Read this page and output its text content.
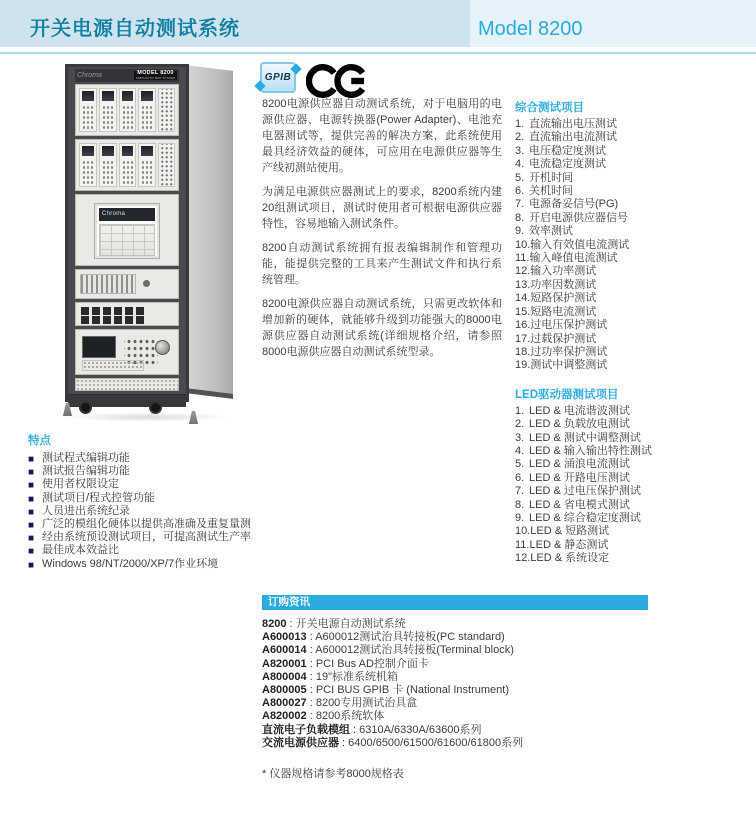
开关电源自动测试系统	Model 8200
Chroma	MODEL 8200
SMPS AUTO TEST SYSTEM
Chroma
GPIB

8200电源供应器自动测试系统，对于电脑用的电源供应器、电源转换器(Power Adapter)、电池充电器测试等，提供完善的解决方案，此系统使用最具经济效益的硬体，可应用在电源供应器等生产线初测站使用。

为满足电源供应器测试上的要求，8200系统内建20组测试项目，测试时使用者可根据电源供应器特性，容易地输入测试条件。

8200自动测试系统拥有报表编辑制作和管理功能，能提供完整的工具来产生测试文件和执行系统管理。

8200电源供应器自动测试系统，只需更改软体和增加新的硬体，就能够升级到功能强大的8000电源供应器自动测试系统(详细规格介绍，请参照8000电源供应器自动测试系统型录。

综合测试项目
1. 直流输出电压测试
2. 直流输出电流测试
3. 电压稳定度测试
4. 电流稳定度测试
5. 开机时间
6. 关机时间
7. 电源备妥信号(PG)
8. 开启电源供应器信号
9. 效率测试
10.输入有效值电流测试
11.输入峰值电流测试
12.输入功率测试
13.功率因数测试
14.短路保护测试
15.短路电流测试
16.过电压保护测试
17.过载保护测试
18.过功率保护测试
19.测试中调整测试
LED驱动器测试项目
1. LED & 电流谐波测试
2. LED & 负载放电测试
3. LED & 测试中调整测试
4. LED & 输入输出特性测试
5. LED & 涌浪电流测试
6. LED & 开路电压测试
7. LED & 过电压保护测试
8. LED & 省电模式测试
9. LED & 综合稳定度测试
10.LED & 短路测试
11.LED & 静态测试
12.LED & 系统设定
特点
■ 测试程式编辑功能
■ 测试报告编辑功能
■ 使用者权限设定
■ 测试项目/程式控管功能
■ 人员进出系统纪录
■ 广泛的模组化硬体以提供高准确及重复量测
■ 经由系统预设测试项目，可提高测试生产率
■ 最佳成本效益比
■ Windows 98/NT/2000/XP/7作业环境
订购资讯
8200 : 开关电源自动测试系统
A600013 : A600012测试治具转接板(PC standard)
A600014 : A600012测试治具转接板(Terminal block)
A820001 : PCI Bus AD控制介面卡
A800004 : 19"标准系统机箱
A800005 : PCI BUS GPIB 卡 (National Instrument)
A800027 : 8200专用测试治具盒
A820002 : 8200系统软体
直流电子负载模组 : 6310A/6330A/63600系列
交流电源供应器 : 6400/6500/61500/61600/61800系列
* 仪器规格请参考8000规格表
